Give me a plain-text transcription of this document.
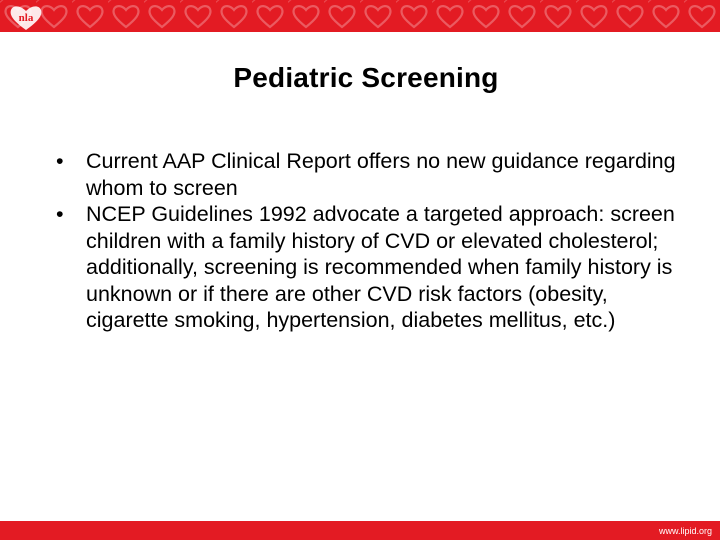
nla
Pediatric Screening
• Current AAP Clinical Report offers no new guidance regarding whom to screen
• NCEP Guidelines 1992 advocate a targeted approach: screen children with a family history of CVD or elevated cholesterol; additionally, screening is recommended when family history is unknown or if there are other CVD risk factors (obesity, cigarette smoking, hypertension, diabetes mellitus, etc.)
www.lipid.org
